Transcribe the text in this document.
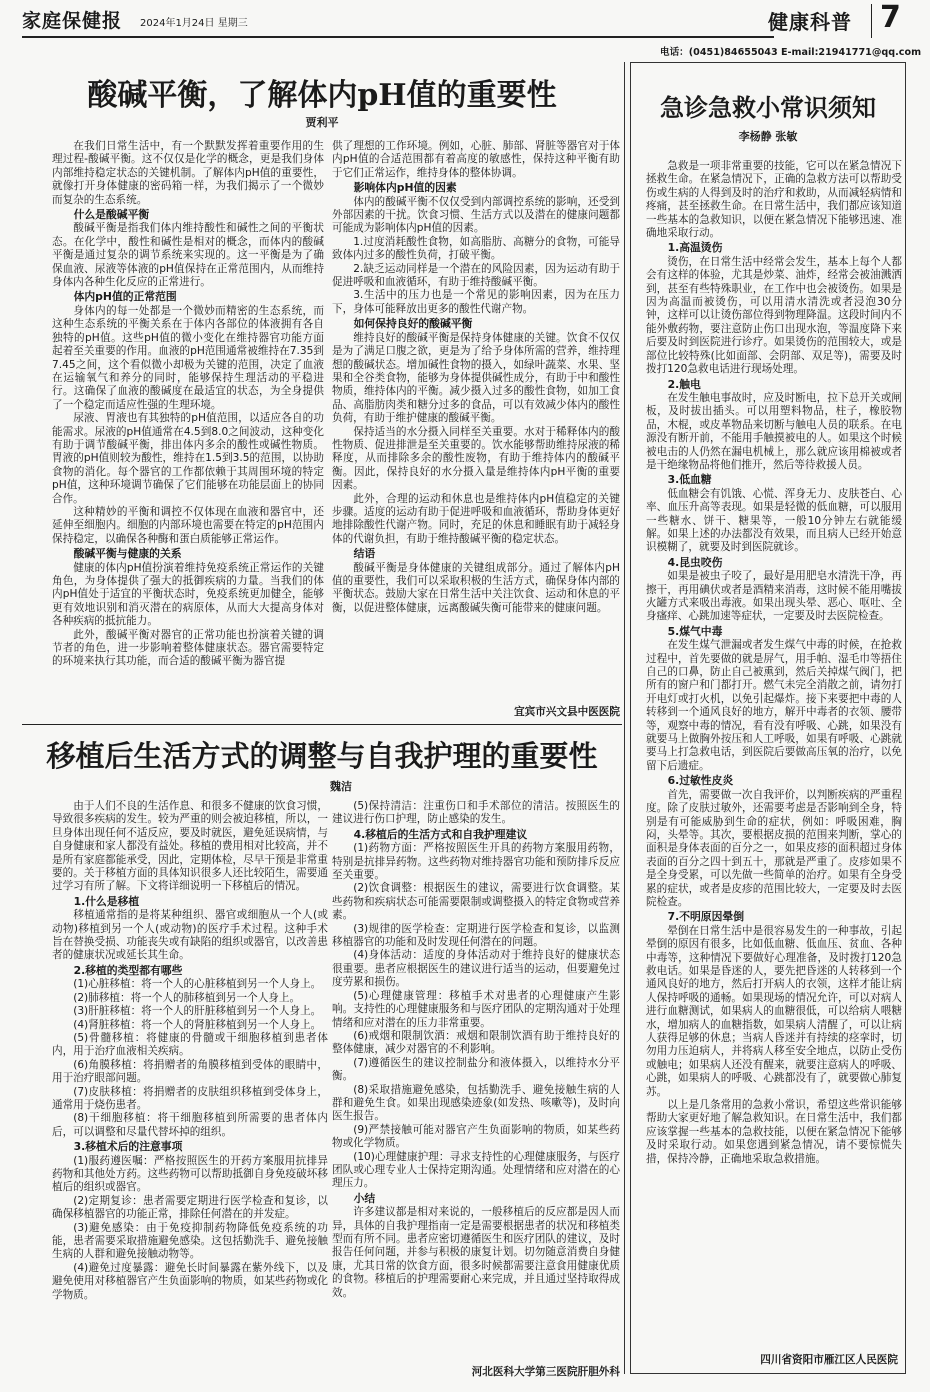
家庭保健报 2024年1月24日 星期三	健康科普 7
电话：(0451)84655043 E-mail:21941771@qq.com
酸碱平衡，了解体内pH值的重要性
贾利平

在我们日常生活中，有一个默默发挥着重要作用的生理过程-酸碱平衡。这不仅仅是化学的概念，更是我们身体内部维持稳定状态的关键机制。了解体内pH值的重要性，就像打开身体健康的密码箱一样，为我们揭示了一个微妙而复杂的生态系统。

什么是酸碱平衡

酸碱平衡是指我们体内维持酸性和碱性之间的平衡状态。在化学中，酸性和碱性是相对的概念，而体内的酸碱平衡是通过复杂的调节系统来实现的。这一平衡是为了确保血液、尿液等体液的pH值保持在正常范围内，从而维持身体内各种生化反应的正常进行。

体内pH值的正常范围

身体内的每一处都是一个微妙而精密的生态系统，而这种生态系统的平衡关系在于体内各部位的体液拥有各自独特的pH值。这些pH值的微小变化在维持器官功能方面起着至关重要的作用。血液的pH范围通常被维持在7.35到7.45之间，这个看似微小却极为关键的范围，决定了血液在运输氧气和养分的同时，能够保持生理活动的平稳进行。这确保了血液的酸碱度在最适宜的状态，为全身提供了一个稳定而适应性强的生理环境。

尿液、胃液也有其独特的pH值范围，以适应各自的功能需求。尿液的pH值通常在4.5到8.0之间波动，这种变化有助于调节酸碱平衡，排出体内多余的酸性或碱性物质。胃液的pH值则较为酸性，维持在1.5到3.5的范围，以协助食物的消化。每个器官的工作都依赖于其周围环境的特定pH值，这种环境调节确保了它们能够在功能层面上的协同合作。

这种精妙的平衡和调控不仅体现在血液和器官中，还延伸至细胞内。细胞的内部环境也需要在特定的pH范围内保持稳定，以确保各种酶和蛋白质能够正常运作。

酸碱平衡与健康的关系

健康的体内pH值扮演着维持免疫系统正常运作的关键角色，为身体提供了强大的抵御疾病的力量。当我们的体内pH值处于适宜的平衡状态时，免疫系统更加健全，能够更有效地识别和消灭潜在的病原体，从而大大提高身体对各种疾病的抵抗能力。

此外，酸碱平衡对器官的正常功能也扮演着关键的调节者的角色，进一步影响着整体健康状态。器官需要特定的环境来执行其功能，而合适的酸碱平衡为器官提

供了理想的工作环境。例如，心脏、肺部、肾脏等器官对于体内pH值的合适范围都有着高度的敏感性，保持这种平衡有助于它们正常运作，维持身体的整体协调。

影响体内pH值的因素

体内的酸碱平衡不仅仅受到内部调控系统的影响，还受到外部因素的干扰。饮食习惯、生活方式以及潜在的健康问题都可能成为影响体内pH值的因素。

1.过度消耗酸性食物，如高脂肪、高糖分的食物，可能导致体内过多的酸性负荷，打破平衡。

2.缺乏运动同样是一个潜在的风险因素，因为运动有助于促进呼吸和血液循环，有助于维持酸碱平衡。

3.生活中的压力也是一个常见的影响因素，因为在压力下，身体可能释放出更多的酸性代谢产物。

如何保持良好的酸碱平衡

维持良好的酸碱平衡是保持身体健康的关键。饮食不仅仅是为了满足口腹之欲，更是为了给予身体所需的营养，维持理想的酸碱状态。增加碱性食物的摄入，如绿叶蔬菜、水果、坚果和全谷类食物，能够为身体提供碱性成分，有助于中和酸性物质，维持体内的平衡。减少摄入过多的酸性食物，如加工食品、高脂肪肉类和糖分过多的食品，可以有效减少体内的酸性负荷，有助于维护健康的酸碱平衡。

保持适当的水分摄入同样至关重要。水对于稀释体内的酸性物质、促进排泄是至关重要的。饮水能够帮助维持尿液的稀释度，从而排除多余的酸性废物，有助于维持体内的酸碱平衡。因此，保持良好的水分摄入量是维持体内pH平衡的重要因素。

此外，合理的运动和休息也是维持体内pH值稳定的关键步骤。适度的运动有助于促进呼吸和血液循环，帮助身体更好地排除酸性代谢产物。同时，充足的休息和睡眠有助于减轻身体的代谢负担，有助于维持酸碱平衡的稳定状态。

结语

酸碱平衡是身体健康的关键组成部分。通过了解体内pH值的重要性，我们可以采取积极的生活方式，确保身体内部的平衡状态。鼓励大家在日常生活中关注饮食、运动和休息的平衡，以促进整体健康，远离酸碱失衡可能带来的健康问题。

宜宾市兴文县中医医院
移植后生活方式的调整与自我护理的重要性
魏洁

由于人们不良的生活作息、和很多不健康的饮食习惯，导致很多疾病的发生。较为严重的则会被迫移植，所以，一旦身体出现任何不适反应，要及时就医，避免延误病情，与自身健康和家人都没有益处。移植的费用相对比较高，并不是所有家庭都能承受，因此，定期体检，尽早干预是非常重要的。关于移植方面的具体知识很多人还比较陌生，需要通过学习有所了解。下文将详细说明一下移植后的情况。

1.什么是移植

移植通常指的是将某种组织、器官或细胞从一个人(或动物)移植到另一个人(或动物)的医疗手术过程。这种手术旨在替换受损、功能丧失或有缺陷的组织或器官，以改善患者的健康状况或延长其生命。

2.移植的类型都有哪些

(1)心脏移植：将一个人的心脏移植到另一个人身上。

(2)肺移植：将一个人的肺移植到另一个人身上。

(3)肝脏移植：将一个人的肝脏移植到另一个人身上。

(4)肾脏移植：将一个人的肾脏移植到另一个人身上。

(5)骨髓移植：将健康的骨髓或干细胞移植到患者体内，用于治疗血液相关疾病。

(6)角膜移植：将捐赠者的角膜移植到受体的眼睛中，用于治疗眼部问题。

(7)皮肤移植：将捐赠者的皮肤组织移植到受体身上，通常用于烧伤患者。

(8)干细胞移植：将干细胞移植到所需要的患者体内后，可以调整和尽量代替坏掉的组织。

3.移植术后的注意事项

(1)服药遵医嘱：严格按照医生的开药方案服用抗排异药物和其他处方药。这些药物可以帮助抵御自身免疫破坏移植后的组织或器官。

(2)定期复诊：患者需要定期进行医学检查和复诊，以确保移植器官的功能正常，排除任何潜在的并发症。

(3)避免感染：由于免疫抑制药物降低免疫系统的功能，患者需要采取措施避免感染。这包括勤洗手、避免接触生病的人群和避免接触动物等。

(4)避免过度暴露：避免长时间暴露在紫外线下，以及避免使用对移植器官产生负面影响的物质，如某些药物或化学物质。

(5)保持清洁：注重伤口和手术部位的清洁。按照医生的建议进行伤口护理，防止感染的发生。

4.移植后的生活方式和自我护理建议

(1)药物方面：严格按照医生开具的药物方案服用药物，特别是抗排异药物。这些药物对维持器官功能和预防排斥反应至关重要。

(2)饮食调整：根据医生的建议，需要进行饮食调整。某些药物和疾病状态可能需要限制或调整摄入的特定食物或营养素。

(3)规律的医学检查：定期进行医学检查和复诊，以监测移植器官的功能和及时发现任何潜在的问题。

(4)身体活动：适度的身体活动对于维持良好的健康状态很重要。患者应根据医生的建议进行适当的运动，但要避免过度劳累和损伤。

(5)心理健康管理：移植手术对患者的心理健康产生影响。支持性的心理健康服务和与医疗团队的定期沟通对于处理情绪和应对潜在的压力非常重要。

(6)戒烟和限制饮酒：戒烟和限制饮酒有助于维持良好的整体健康，减少对器官的不利影响。

(7)遵循医生的建议控制盐分和液体摄入，以维持水分平衡。

(8)采取措施避免感染，包括勤洗手、避免接触生病的人群和避免生食。如果出现感染迹象(如发热、咳嗽等)，及时向医生报告。

(9)严禁接触可能对器官产生负面影响的物质，如某些药物或化学物质。

(10)心理健康护理：寻求支持性的心理健康服务，与医疗团队或心理专业人士保持定期沟通。处理情绪和应对潜在的心理压力。

小结

许多建议都是相对来说的，一般移植后的反应都是因人而异，具体的自我护理指南一定是需要根据患者的状况和移植类型而有所不同。患者应密切遵循医生和医疗团队的建议，及时报告任何问题，并参与积极的康复计划。切勿随意消费自身健康，尤其日常的饮食方面，很多时候都需要注意食用健康优质的食物。移植后的护理需要耐心来完成，并且通过坚持取得成效。

河北医科大学第三医院肝胆外科
急诊急救小常识须知
李杨静 张敏

急救是一项非常重要的技能，它可以在紧急情况下拯救生命。在紧急情况下，正确的急救方法可以帮助受伤或生病的人得到及时的治疗和救助，从而减轻病情和疼痛，甚至拯救生命。在日常生活中，我们都应该知道一些基本的急救知识，以便在紧急情况下能够迅速、准确地采取行动。

1.高温烫伤

烫伤，在日常生活中经常会发生，基本上每个人都会有这样的体验，尤其是炒菜、油炸，经常会被油溅洒到，甚至有些特殊职业，在工作中也会被烫伤。如果是因为高温而被烫伤，可以用清水清洗或者浸泡30分钟，这样可以让烫伤部位得到物理降温。这段时间内不能外敷药物，要注意防止伤口出现水泡，等温度降下来后要及时到医院进行诊疗。如果烫伤的范围较大，或是部位比较特殊(比如面部、会阴部、双足等)，需要及时拨打120急救电话进行现场处理。

2.触电

在发生触电事故时，应及时断电，拉下总开关或闸板，及时拔出插头。可以用塑料物品，柱子，橡胶物品，木棍，或皮革物品来切断与触电人员的联系。在电源没有断开前，不能用手触摸被电的人。如果这个时候被电击的人仍然在漏电机械上，那么就应该用棉被或者是干绝缘物品将他们推开，然后等待救援人员。

3.低血糖

低血糖会有饥饿、心慌、浑身无力、皮肤苍白、心率、血压升高等表现。如果是轻微的低血糖，可以服用一些糖水、饼干、糖果等，一般10分钟左右就能缓解。如果上述的办法都没有效果，而且病人已经开始意识模糊了，就要及时到医院就诊。

4.昆虫咬伤

如果是被虫子咬了，最好是用肥皂水清洗干净，再擦干，再用碘伏或者是酒精来消毒，这时候不能用嘴拔火罐方式来吸出毒液。如果出现头晕、恶心、呕吐、全身瘙痒、心跳加速等症状，一定要及时去医院检查。

5.煤气中毒

在发生煤气泄漏或者发生煤气中毒的时候，在抢救过程中，首先要做的就是屏气，用手帕、湿毛巾等捂住自己的口鼻，防止自己被熏到，然后关掉煤气阀门，把所有的窗户和门都打开。燃气未完全消散之前，请勿打开电灯或打火机，以免引起爆炸。接下来要把中毒的人转移到一个通风良好的地方，解开中毒者的衣领、腰带等，观察中毒的情况，看有没有呼吸、心跳，如果没有就要马上做胸外按压和人工呼吸，如果有呼吸、心跳就要马上打急救电话，到医院后要做高压氧的治疗，以免留下后遗症。

6.过敏性皮炎

首先，需要做一次自我评价，以判断疾病的严重程度。除了皮肤过敏外，还需要考虑是否影响到全身，特别是有可能威胁到生命的症状，例如：呼吸困难，胸闷，头晕等。其次，要根据皮损的范围来判断，掌心的面积是身体表面的百分之一，如果皮疹的面积超过身体表面的百分之四十到五十，那就是严重了。皮疹如果不是全身受累，可以先做一些简单的治疗。如果有全身受累的症状，或者是皮疹的范围比较大，一定要及时去医院检查。

7.不明原因晕倒

晕倒在日常生活中是很容易发生的一种事故，引起晕倒的原因有很多，比如低血糖、低血压、贫血、各种中毒等，这种情况下要做好心理准备，及时拨打120急救电话。如果是昏迷的人，要先把昏迷的人转移到一个通风良好的地方，然后打开病人的衣领，这样才能让病人保持呼吸的通畅。如果现场的情况允许，可以对病人进行血糖测试，如果病人的血糖很低，可以给病人喂糖水，增加病人的血糖指数，如果病人清醒了，可以让病人获得足够的休息；当病人昏迷并有持续的痉挛时，切勿用力压迫病人，并将病人移至安全地点，以防止受伤或触电；如果病人还没有醒来，就要注意病人的呼吸、心跳，如果病人的呼吸、心跳都没有了，就要做心肺复苏。

以上是几条常用的急救小常识，希望这些常识能够帮助大家更好地了解急救知识。在日常生活中，我们都应该掌握一些基本的急救技能，以便在紧急情况下能够及时采取行动。如果您遇到紧急情况，请不要惊慌失措，保持冷静，正确地采取急救措施。

四川省资阳市雁江区人民医院
